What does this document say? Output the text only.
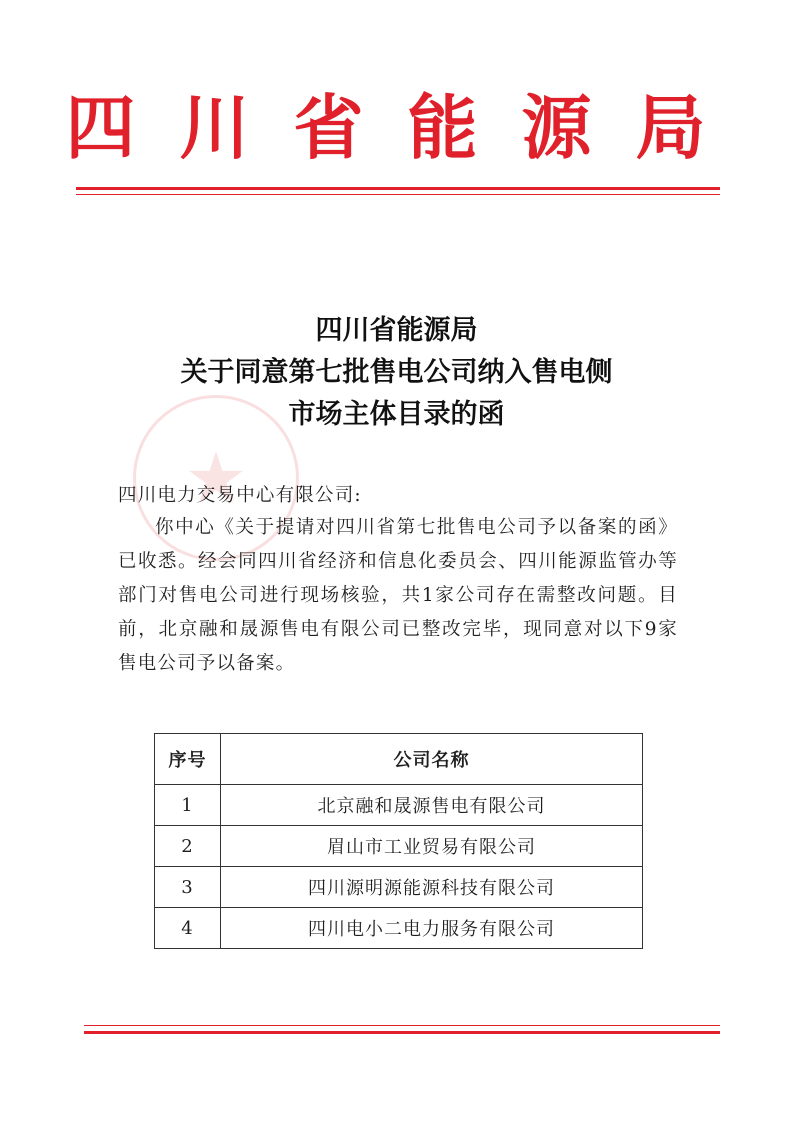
四川省能源局
★
四川省能源局
关于同意第七批售电公司纳入售电侧
市场主体目录的函
四川电力交易中心有限公司:
你中心《关于提请对四川省第七批售电公司予以备案的函》已收悉。经会同四川省经济和信息化委员会、四川能源监管办等部门对售电公司进行现场核验，共1家公司存在需整改问题。目前，北京融和晟源售电有限公司已整改完毕，现同意对以下9家售电公司予以备案。
序号	公司名称
1	北京融和晟源售电有限公司
2	眉山市工业贸易有限公司
3	四川源明源能源科技有限公司
4	四川电小二电力服务有限公司
